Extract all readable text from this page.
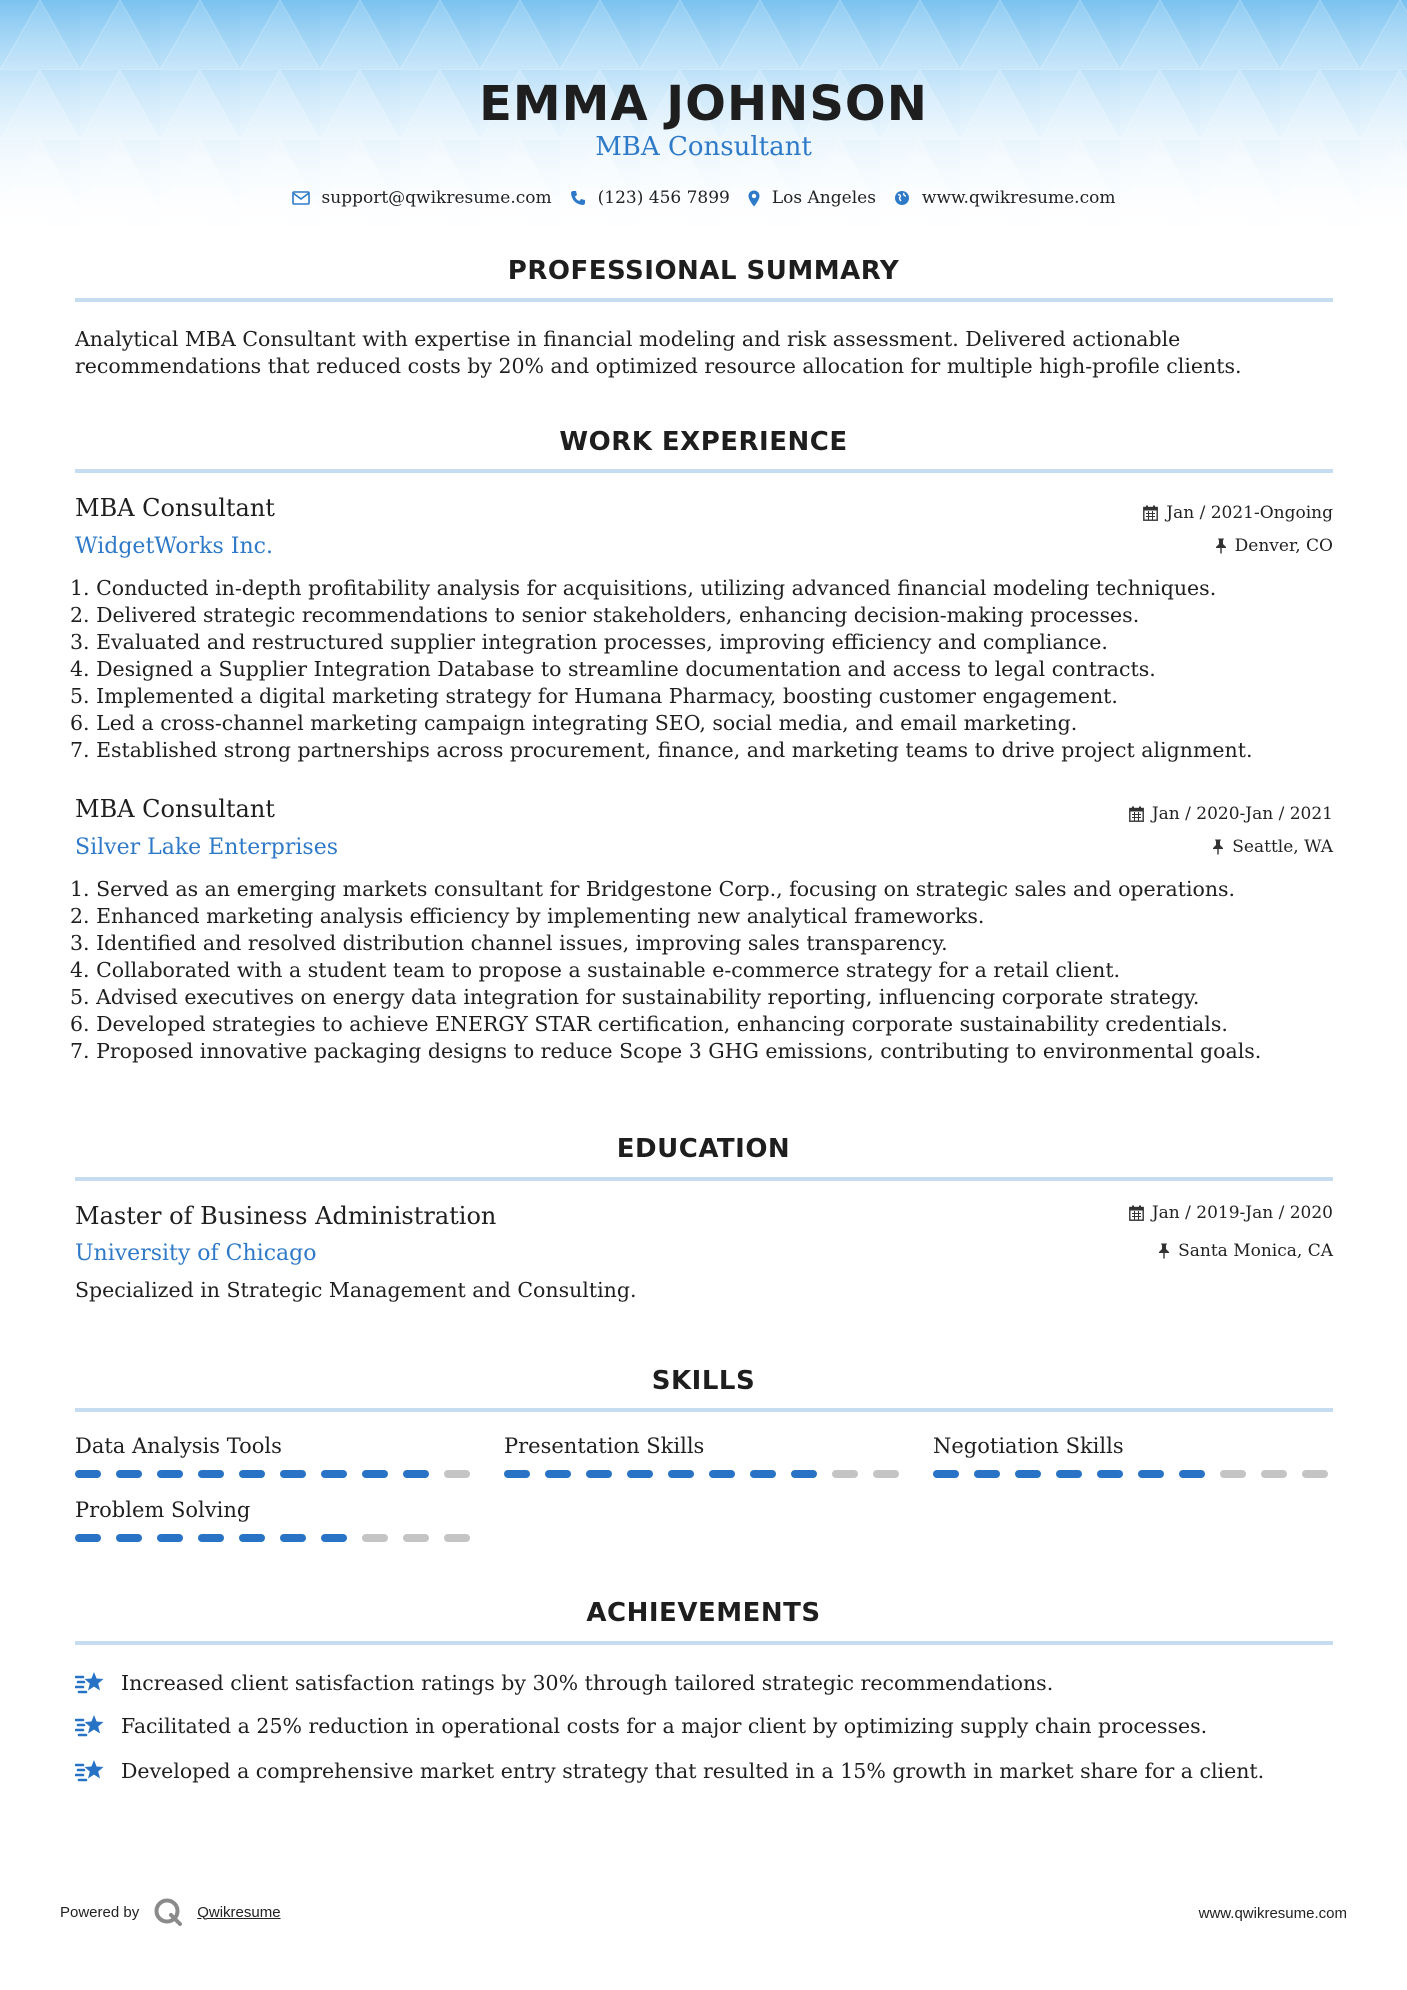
EMMA JOHNSON
MBA Consultant
support@qwikresume.com	(123) 456 7899 Los Angeles	www.qwikresume.com
PROFESSIONAL SUMMARY
Analytical MBA Consultant with expertise in financial modeling and risk assessment. Delivered actionable
recommendations that reduced costs by 20% and optimized resource allocation for multiple high-profile clients.
WORK EXPERIENCE
MBA Consultant
WidgetWorks Inc.
Jan / 2021-Ongoing
Denver, CO
1. Conducted in-depth profitability analysis for acquisitions, utilizing advanced financial modeling techniques.
2. Delivered strategic recommendations to senior stakeholders, enhancing decision-making processes.
3. Evaluated and restructured supplier integration processes, improving efficiency and compliance.
4. Designed a Supplier Integration Database to streamline documentation and access to legal contracts.
5. Implemented a digital marketing strategy for Humana Pharmacy, boosting customer engagement.
6. Led a cross-channel marketing campaign integrating SEO, social media, and email marketing.
7. Established strong partnerships across procurement, finance, and marketing teams to drive project alignment.
MBA Consultant
Silver Lake Enterprises
Jan / 2020-Jan / 2021
Seattle, WA
1. Served as an emerging markets consultant for Bridgestone Corp., focusing on strategic sales and operations.
2. Enhanced marketing analysis efficiency by implementing new analytical frameworks.
3. Identified and resolved distribution channel issues, improving sales transparency.
4. Collaborated with a student team to propose a sustainable e-commerce strategy for a retail client.
5. Advised executives on energy data integration for sustainability reporting, influencing corporate strategy.
6. Developed strategies to achieve ENERGY STAR certification, enhancing corporate sustainability credentials.
7. Proposed innovative packaging designs to reduce Scope 3 GHG emissions, contributing to environmental goals.
EDUCATION
Master of Business Administration
University of Chicago
Jan / 2019-Jan / 2020
Santa Monica, CA
Specialized in Strategic Management and Consulting.
SKILLS
Data Analysis Tools	Presentation Skills	Negotiation Skills
Problem Solving
ACHIEVEMENTS
Increased client satisfaction ratings by 30% through tailored strategic recommendations.
Facilitated a 25% reduction in operational costs for a major client by optimizing supply chain processes.
Developed a comprehensive market entry strategy that resulted in a 15% growth in market share for a client.
Powered by	Qwikresume	www.qwikresume.com
